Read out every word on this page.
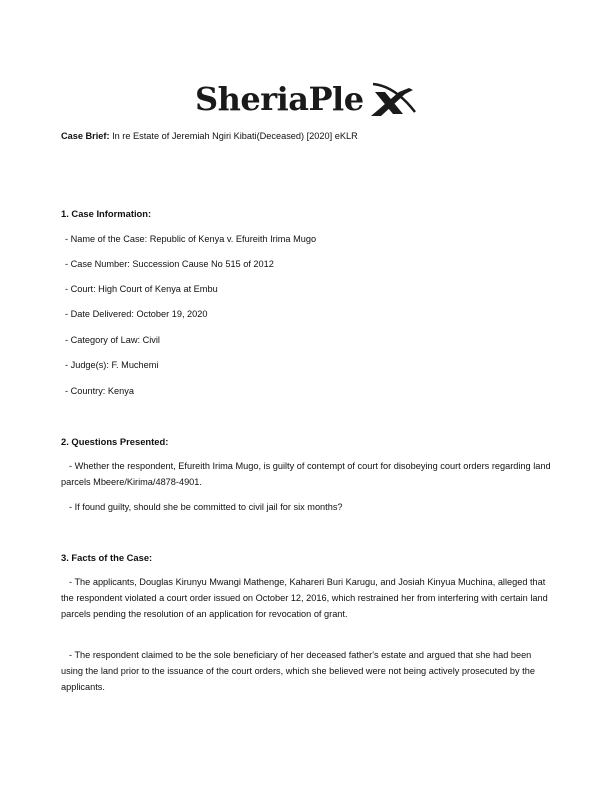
SheriaPle
Case Brief: In re Estate of Jeremiah Ngiri Kibati(Deceased) [2020] eKLR
1. Case Information:
- Name of the Case: Republic of Kenya v. Efureith Irima Mugo
- Case Number: Succession Cause No 515 of 2012
- Court: High Court of Kenya at Embu
- Date Delivered: October 19, 2020
- Category of Law: Civil
- Judge(s): F. Muchemi
- Country: Kenya
2. Questions Presented:
- Whether the respondent, Efureith Irima Mugo, is guilty of contempt of court for disobeying court orders regarding land parcels Mbeere/Kirima/4878-4901.
- If found guilty, should she be committed to civil jail for six months?
3. Facts of the Case:
- The applicants, Douglas Kirunyu Mwangi Mathenge, Kahareri Buri Karugu, and Josiah Kinyua Muchina, alleged that the respondent violated a court order issued on October 12, 2016, which restrained her from interfering with certain land parcels pending the resolution of an application for revocation of grant.
- The respondent claimed to be the sole beneficiary of her deceased father's estate and argued that she had been using the land prior to the issuance of the court orders, which she believed were not being actively prosecuted by the applicants.
